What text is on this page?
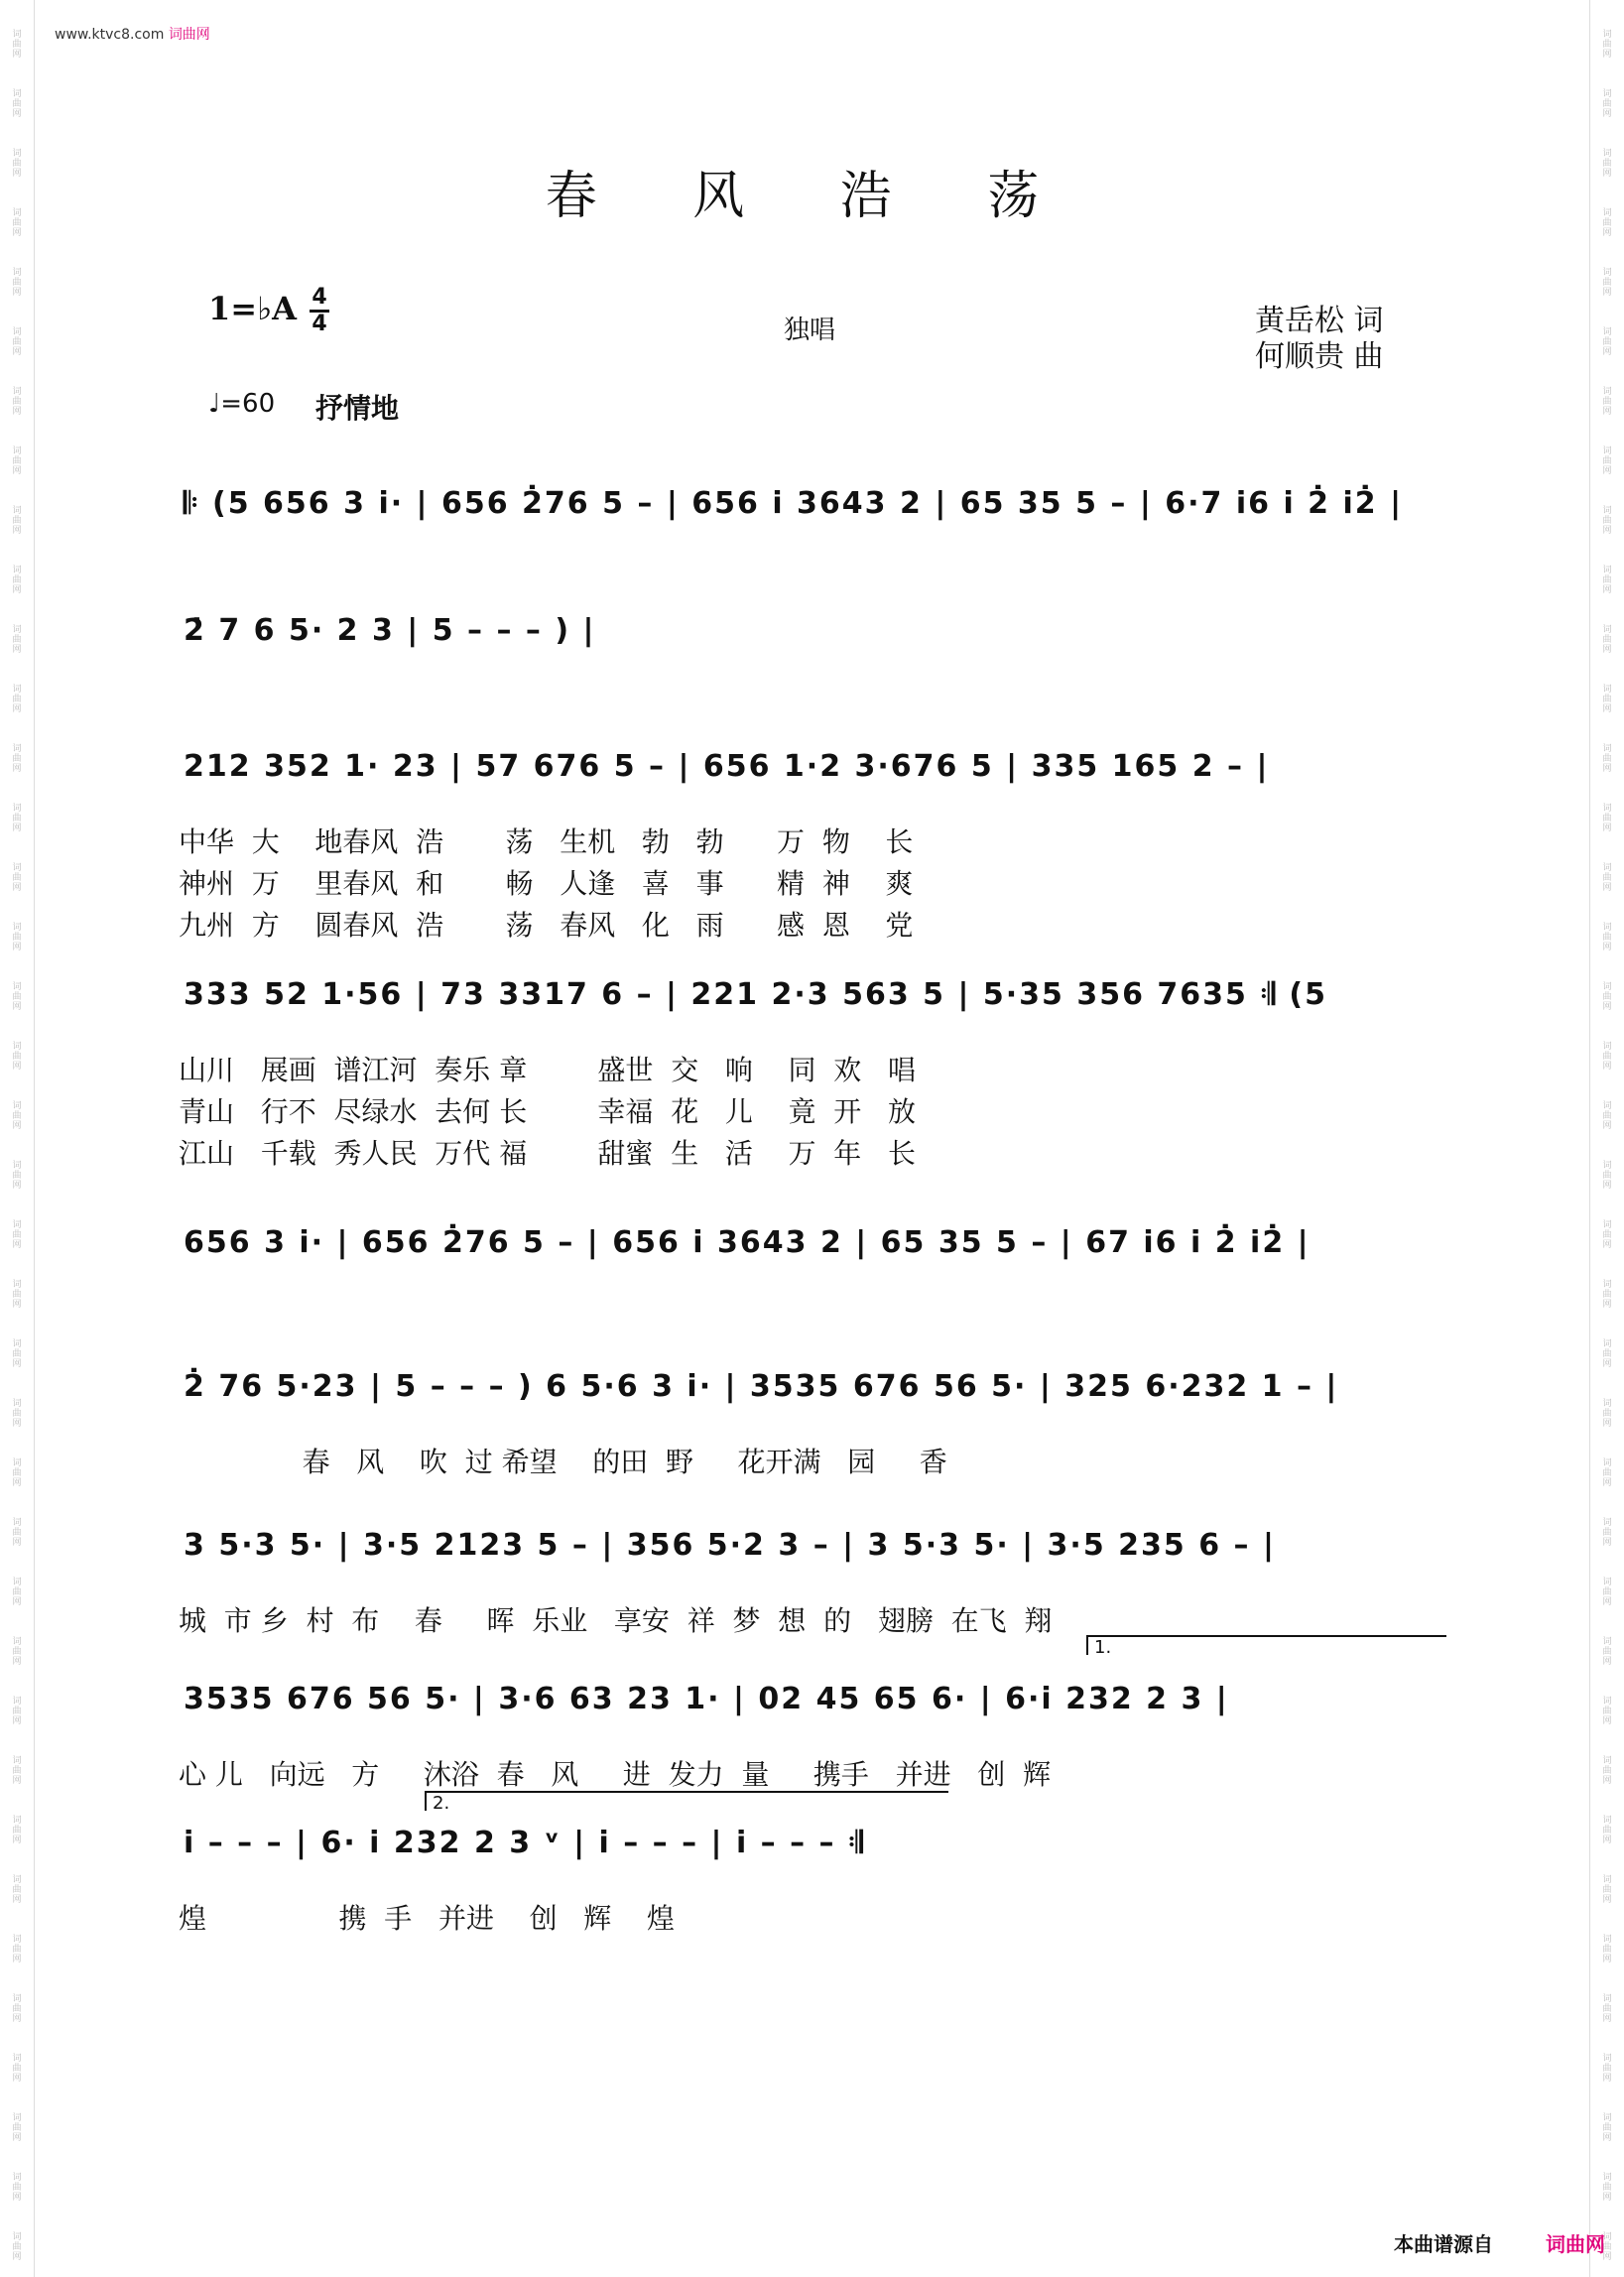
词
曲
网
词
曲
网
词
曲
网
词
曲
网
词
曲
网
词
曲
网
词
曲
网
词
曲
网
词
曲
网
词
曲
网
词
曲
网
词
曲
网
词
曲
网
词
曲
网
词
曲
网
词
曲
网
词
曲
网
词
曲
网
词
曲
网
词
曲
网
词
曲
网
词
曲
网
词
曲
网
词
曲
网
词
曲
网
词
曲
网
词
曲
网
词
曲
网
词
曲
网
词
曲
网
词
曲
网
词
曲
网
词
曲
网
词
曲
网
词
曲
网
词
曲
网
词
曲
网
词
曲
网
词
曲
网
词
曲
网
词
曲
网
词
曲
网
词
曲
网
词
曲
网
词
曲
网
词
曲
网
词
曲
网
词
曲
网
词
曲
网
词
曲
网
词
曲
网
词
曲
网
词
曲
网
词
曲
网
词
曲
网
词
曲
网
词
曲
网
词
曲
网
词
曲
网
词
曲
网
词
曲
网
词
曲
网
词
曲
网
词
曲
网
词
曲
网
词
曲
网
词
曲
网
词
曲
网
词
曲
网
词
曲
网
词
曲
网
词
曲
网
词
曲
网
词
曲
网
词
曲
网
词
曲
网
www.ktvc8.com 词曲网
春 风 浩 荡
1=♭A 4
4	独唱	黄岳松 词
何顺贵 曲
♩=60 抒情地
𝄆 (5 656 3 i· | 656 2̇76 5 – | 656 i 3643 2 | 65 35 5 – | 6·7 i6 i 2̇ i2̇ |
2̇ 7 6 5· 2 3 | 5 – – – ) |
212 352 1· 23 | 57 676 5 – | 656 1·2 3·676 5 | 335 165 2 – |
中华  大    地春风  浩       荡   生机   勃   勃      万  物    长
神州  万    里春风  和       畅   人逢   喜   事      精  神    爽
九州  方    圆春风  浩       荡   春风   化   雨      感  恩    党
333 52 1·56 | 73 3317 6 – | 221 2·3 563 5 | 5·35 356 7635 𝄇 (5
山川   展画  谱江河  奏乐 章        盛世  交   响    同  欢   唱
青山   行不  尽绿水  去何 长        幸福  花   儿    竟  开   放
江山   千载  秀人民  万代 福        甜蜜  生   活    万  年   长
656 3 i· | 656 2̇76 5 – | 656 i 3643 2 | 65 35 5 – | 67 i6 i 2̇ i2̇ |
2̇ 76 5·23 | 5 – – – ) 6 5·6 3 i· | 3535 676 56 5· | 325 6·232 1 – |
春   风    吹  过 希望    的田  野     花开满   园     香
3 5·3 5· | 3·5 2123 5 – | 356 5·2 3 – | 3 5·3 5· | 3·5 235 6 – |
城  市 乡  村  布    春     晖  乐业   享安  祥  梦  想  的   翅膀  在飞  翔
3535 676 56 5· | 3·6 63 23 1· | 02 45 65 6· | 6·i 232 2 3 |
心 儿   向远   方     沐浴  春   风     进  发力  量     携手   并进   创  辉
i – – – | 6· i 232 2 3 ᵛ | i – – – | i – – – 𝄇
煌               携  手   并进    创   辉    煌
本曲谱源自	词曲网
1.
2.
